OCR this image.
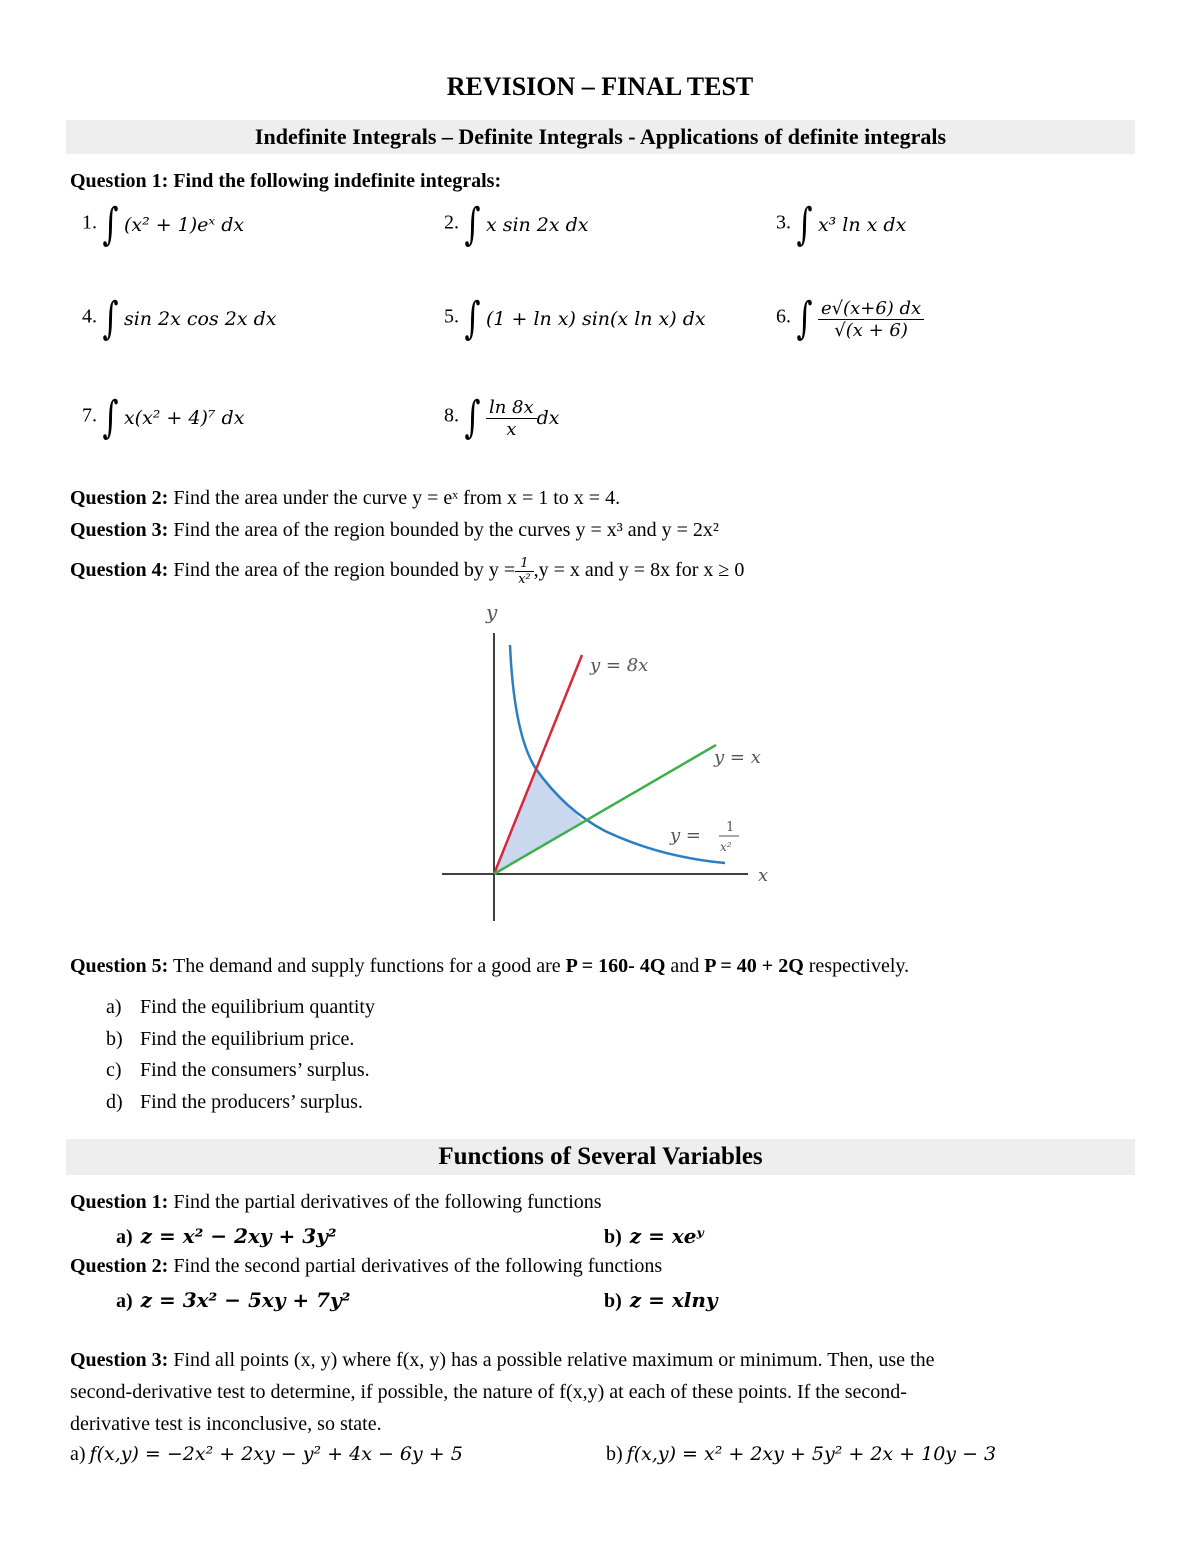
REVISION – FINAL TEST
Indefinite Integrals – Definite Integrals - Applications of definite integrals
Question 1: Find the following indefinite integrals:
1. ∫ (x² + 1)eˣ dx	2. ∫ x sin 2x dx	3. ∫ x³ ln x dx
4. ∫ sin 2x cos 2x dx	5. ∫ (1 + ln x) sin(x ln x) dx	6. ∫ $\frac{e√(x+6) dx}{√(x + 6)}$
7. ∫ x(x² + 4)⁷ dx	8. ∫ $\frac{\ln 8x}{x}$ dx
Question 2: Find the area under the curve y = eˣ from x = 1 to x = 4.
Question 3: Find the area of the region bounded by the curves y = x³ and y = 2x²
Question 4: Find the area of the region bounded by $y = \frac{1}{\text{x²}} ,y = x$ and y = 8x for x ≥ 0
y
x
y = 8x
y = x
y = 1
x²
Question 5: The demand and supply functions for a good are P = 160- 4Q and P = 40 + 2Q respectively.
a) Find the equilibrium quantity
b) Find the equilibrium price.
c) Find the consumers’ surplus.
d) Find the producers’ surplus.
Functions of Several Variables
Question 1: Find the partial derivatives of the following functions
a) z = x² − 2xy + 3y²	b) z = xeʸ
Question 2: Find the second partial derivatives of the following functions
a) z = 3x² − 5xy + 7y²	b) z = xlny
Question 3: Find all points (x, y) where f(x, y) has a possible relative maximum or minimum. Then, use the
second-derivative test to determine, if possible, the nature of f(x,y) at each of these points. If the second-
derivative test is inconclusive, so state.
a) f(x,y) = −2x² + 2xy − y² + 4x − 6y + 5	b) f(x,y) = x² + 2xy + 5y² + 2x + 10y − 3
